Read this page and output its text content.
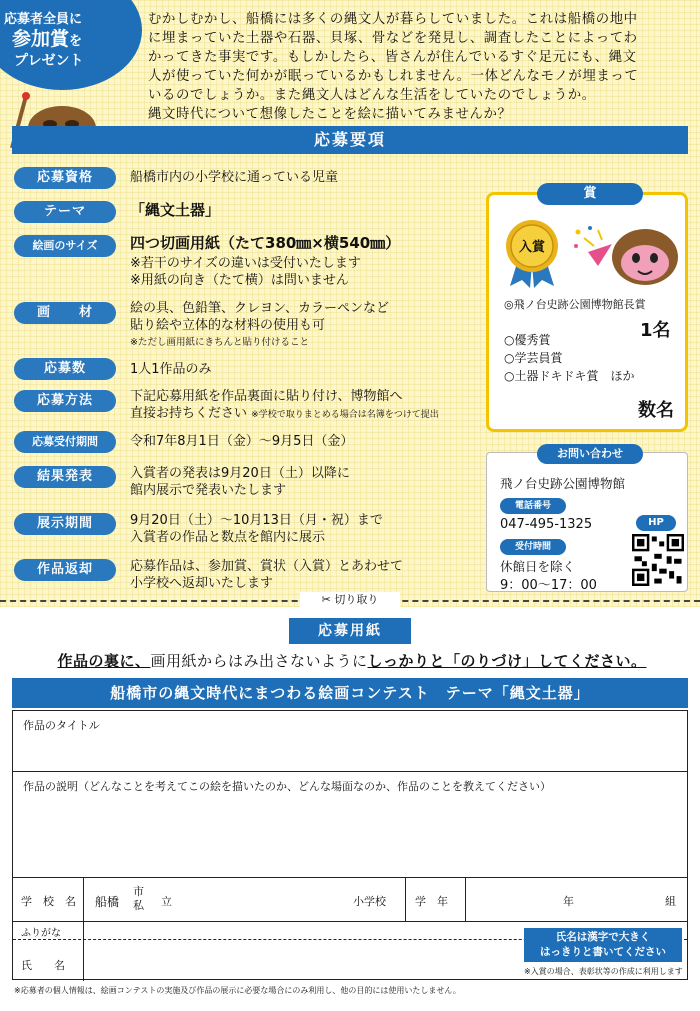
応募者全員に
参加賞を
プレゼント
むかしむかし、船橋には多くの縄文人が暮らしていました。これは船橋の地中
に埋まっていた土器や石器、貝塚、骨などを発見し、調査したことによってわ
かってきた事実です。もしかしたら、皆さんが住んでいるすぐ足元にも、縄文
人が使っていた何かが眠っているかもしれません。一体どんなモノが埋まって
いるのでしょうか。また縄文人はどんな生活をしていたのでしょうか。
縄文時代について想像したことを絵に描いてみませんか？
応募要項
応募資格	船橋市内の小学校に通っている児童
テーマ	「縄文土器」
絵画のサイズ	四つ切画用紙（たて380㎜×横540㎜）
※若干のサイズの違いは受付いたします
※用紙の向き（たて横）は問いません
画　　材	絵の具、色鉛筆、クレヨン、カラーペンなど
貼り絵や立体的な材料の使用も可
※ただし画用紙にきちんと貼り付けること
応募数	1人1作品のみ
応募方法	下記応募用紙を作品裏面に貼り付け、博物館へ
直接お持ちください ※学校で取りまとめる場合は名簿をつけて提出
応募受付期間	令和7年8月1日（金）～9月5日（金）
結果発表	入賞者の発表は9月20日（土）以降に
館内展示で発表いたします
展示期間	9月20日（土）～10月13日（月・祝）まで
入賞者の作品と数点を館内に展示
作品返却	応募作品は、参加賞、賞状（入賞）とあわせて
小学校へ返却いたします
賞
入賞
◎飛ノ台史跡公園博物館長賞
1名
○優秀賞
○学芸員賞
○土器ドキドキ賞　ほか
数名
お問い合わせ
飛ノ台史跡公園博物館
電話番号
047-495-1325
受付時間
休館日を除く
9：00～17：00
HP
✂ 切り取り
応募用紙
作品の裏に、画用紙からはみ出さないようにしっかりと「のりづけ」してください。
船橋市の縄文時代にまつわる絵画コンテスト　テーマ「縄文土器」
作品のタイトル
作品の説明（どんなことを考えてこの絵を描いたのか、どんな場面なのか、作品のことを教えてください）
学　校　名 船橋
市
私 立	小学校	学　年	年	組
ふりがな
氏　　名
氏名は漢字で大きく
はっきりと書いてください
※入賞の場合、表彰状等の作成に利用します
※応募者の個人情報は、絵画コンテストの実施及び作品の展示に必要な場合にのみ利用し、他の目的には使用いたしません。
